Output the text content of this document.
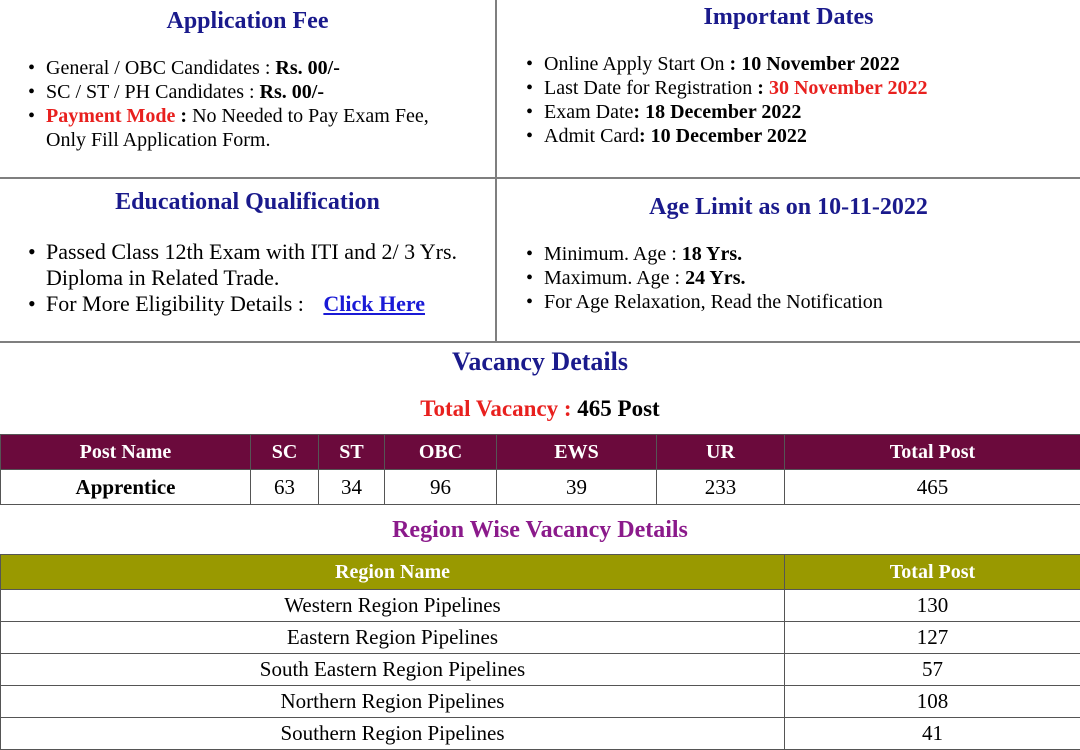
Application Fee
• General / OBC Candidates : Rs. 00/-
• SC / ST / PH Candidates : Rs. 00/-
• Payment Mode : No Needed to Pay Exam Fee,
Only Fill Application Form.
Important Dates
• Online Apply Start On : 10 November 2022
• Last Date for Registration : 30 November 2022
• Exam Date: 18 December 2022
• Admit Card: 10 December 2022
Educational Qualification
• Passed Class 12th Exam with ITI and 2/ 3 Yrs.
Diploma in Related Trade.
• For More Eligibility Details : Click Here
Age Limit as on 10-11-2022
• Minimum. Age : 18 Yrs.
• Maximum. Age : 24 Yrs.
• For Age Relaxation, Read the Notification
Vacancy Details
Total Vacancy : 465 Post
Post Name	SC	ST	OBC	EWS	UR	Total Post
Apprentice	63	34	96	39	233	465
Region Wise Vacancy Details
Region Name	Total Post
Western Region Pipelines	130
Eastern Region Pipelines	127
South Eastern Region Pipelines	57
Northern Region Pipelines	108
Southern Region Pipelines	41
